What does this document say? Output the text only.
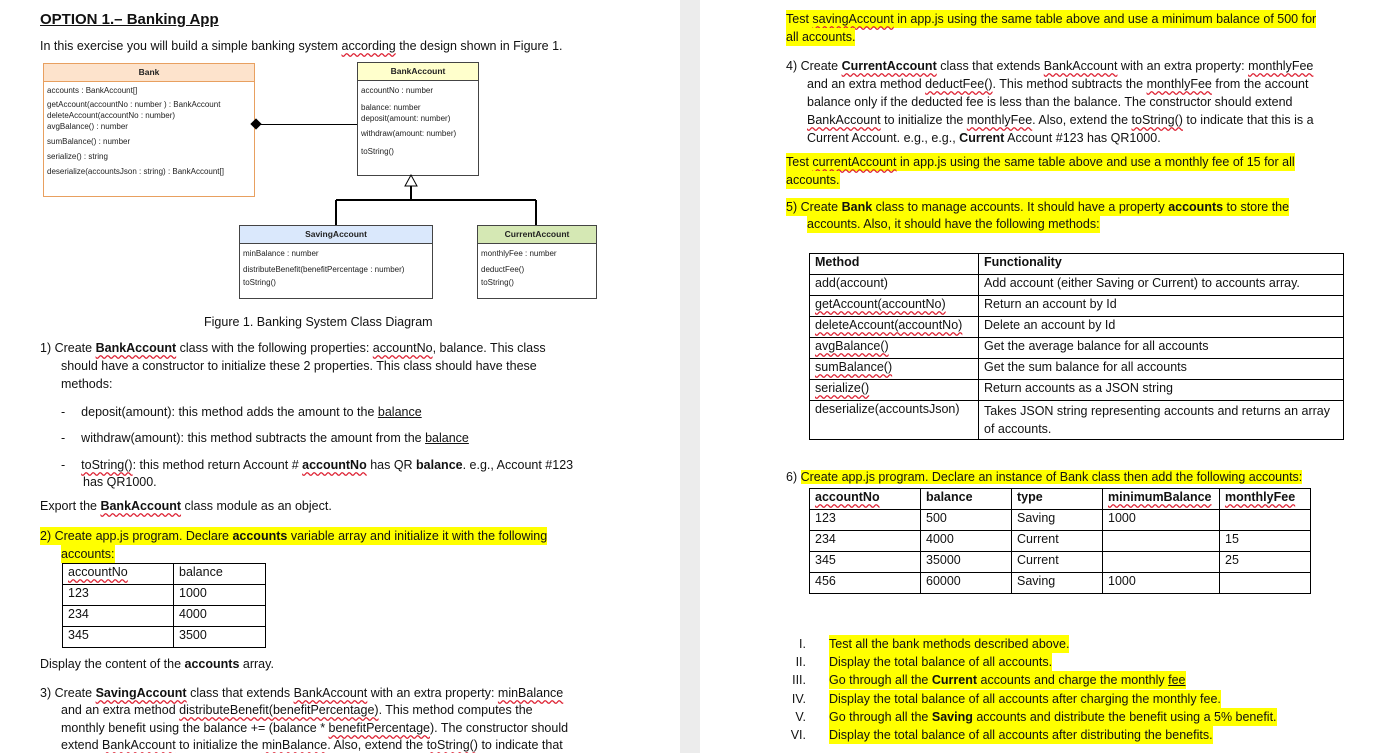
OPTION 1.– Banking App
In this exercise you will build a simple banking system according the design shown in Figure 1.
Bank
accounts : BankAccount[]
getAccount(accountNo : number ) : BankAccount
deleteAccount(accountNo : number)
avgBalance() : number
sumBalance() : number
serialize() : string
deserialize(accountsJson : string) : BankAccount[]
BankAccount
accountNo : number
balance: number
deposit(amount: number)
withdraw(amount: number)
toString()
SavingAccount
minBalance : number
distributeBenefit(benefitPercentage : number)
toString()
CurrentAccount
monthlyFee : number
deductFee()
toString()
Figure 1. Banking System Class Diagram
1) Create BankAccount class with the following properties: accountNo, balance. This class
should have a constructor to initialize these 2 properties. This class should have these
methods:
- deposit(amount): this method adds the amount to the balance
- withdraw(amount): this method subtracts the amount from the balance
- toString(): this method return Account # accountNo has QR balance. e.g., Account #123
has QR1000.
Export the BankAccount class module as an object.
2) Create app.js program. Declare accounts variable array and initialize it with the following
accounts:
accountNo	balance
123	1000
234	4000
345	3500
Display the content of the accounts array.
3) Create SavingAccount class that extends BankAccount with an extra property: minBalance
and an extra method distributeBenefit(benefitPercentage). This method computes the
monthly benefit using the balance += (balance * benefitPercentage). The constructor should
extend BankAccount to initialize the minBalance. Also, extend the toString() to indicate that
Test savingAccount in app.js using the same table above and use a minimum balance of 500 for
all accounts.
4) Create CurrentAccount class that extends BankAccount with an extra property: monthlyFee
and an extra method deductFee(). This method subtracts the monthlyFee from the account
balance only if the deducted fee is less than the balance. The constructor should extend
BankAccount to initialize the monthlyFee. Also, extend the toString() to indicate that this is a
Current Account. e.g., e.g., Current Account #123 has QR1000.
Test currentAccount in app.js using the same table above and use a monthly fee of 15 for all
accounts.
5) Create Bank class to manage accounts. It should have a property accounts to store the
accounts. Also, it should have the following methods:
Method	Functionality
add(account)	Add account (either Saving or Current) to accounts array.
getAccount(accountNo)	Return an account by Id
deleteAccount(accountNo)	Delete an account by Id
avgBalance()	Get the average balance for all accounts
sumBalance()	Get the sum balance for all accounts
serialize()	Return accounts as a JSON string
deserialize(accountsJson)	Takes JSON string representing accounts and returns an array of accounts.
6) Create app.js program. Declare an instance of Bank class then add the following accounts:
accountNo	balance	type	minimumBalance	monthlyFee
123	500	Saving	1000	
234	4000	Current		15
345	35000	Current		25
456	60000	Saving	1000	
I. Test all the bank methods described above.
II. Display the total balance of all accounts.
III. Go through all the Current accounts and charge the monthly fee
IV. Display the total balance of all accounts after charging the monthly fee.
V. Go through all the Saving accounts and distribute the benefit using a 5% benefit.
VI. Display the total balance of all accounts after distributing the benefits.
